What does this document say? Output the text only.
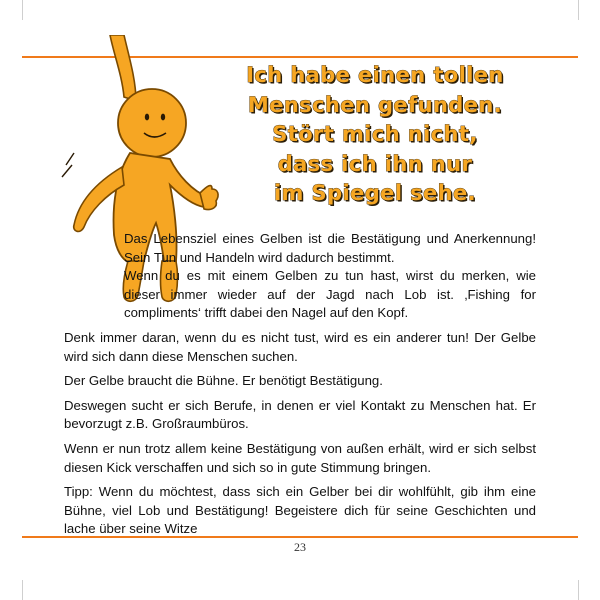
Ich habe einen tollen
Menschen gefunden.
Stört mich nicht,
dass ich ihn nur
im Spiegel sehe.

Das Lebensziel eines Gelben ist die Bestätigung und Anerkennung! Sein Tun und Handeln wird dadurch bestimmt.

Wenn du es mit einem Gelben zu tun hast, wirst du merken, wie dieser immer wieder auf der Jagd nach Lob ist. ‚Fishing for compliments‘ trifft dabei den Nagel auf den Kopf.

Denk immer daran, wenn du es nicht tust, wird es ein anderer tun! Der Gelbe wird sich dann diese Menschen suchen.

Der Gelbe braucht die Bühne. Er benötigt Bestätigung.

Deswegen sucht er sich Berufe, in denen er viel Kontakt zu Menschen hat. Er bevorzugt z.B. Großraumbüros.

Wenn er nun trotz allem keine Bestätigung von außen erhält, wird er sich selbst diesen Kick verschaffen und sich so in gute Stimmung bringen.

Tipp: Wenn du möchtest, dass sich ein Gelber bei dir wohlfühlt, gib ihm eine Bühne, viel Lob und Bestätigung! Begeistere dich für seine Geschichten und lache über seine Witze

23
